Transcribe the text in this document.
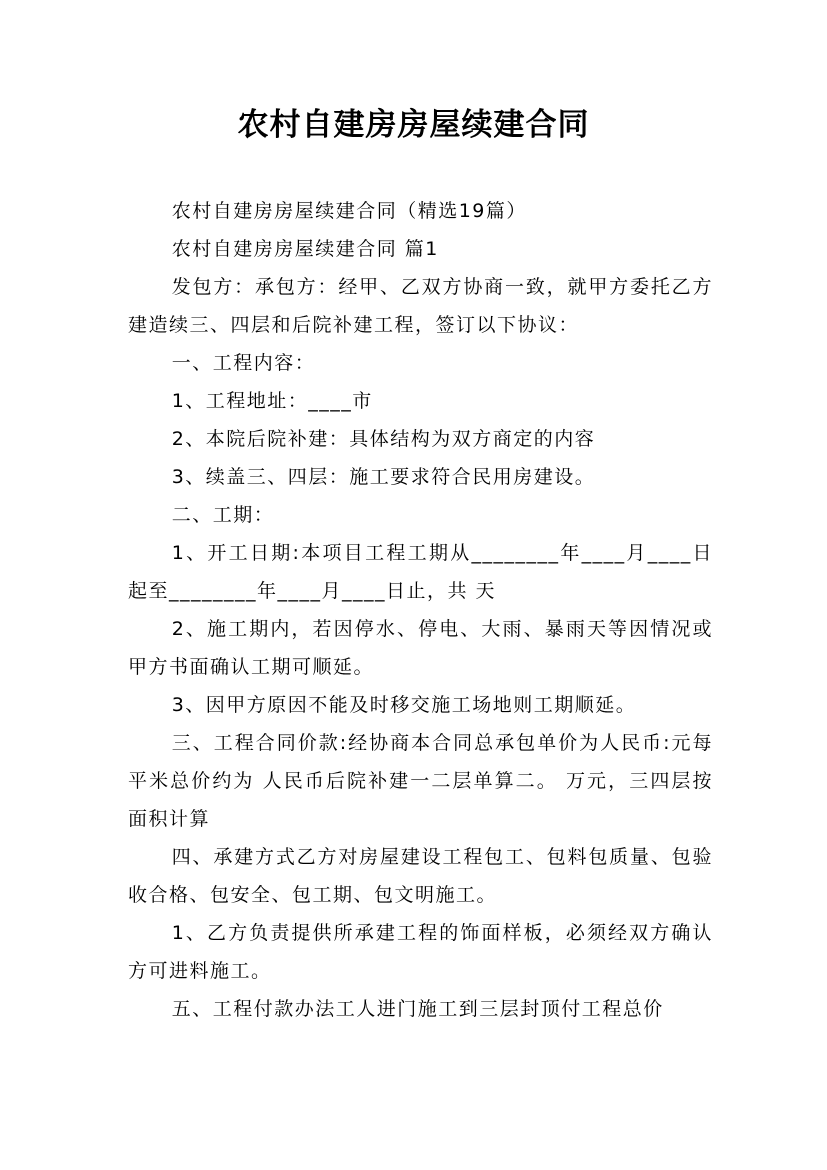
农村自建房房屋续建合同

农村自建房房屋续建合同（精选19篇）

农村自建房房屋续建合同 篇1

发包方：承包方：经甲、乙双方协商一致，就甲方委托乙方建造续三、四层和后院补建工程，签订以下协议：

一、工程内容：

1、工程地址：____市

2、本院后院补建：具体结构为双方商定的内容

3、续盖三、四层：施工要求符合民用房建设。

二、工期：

1、开工日期:本项目工程工期从________年____月____日起至________年____月____日止，共 天

2、施工期内，若因停水、停电、大雨、暴雨天等因情况或甲方书面确认工期可顺延。

3、因甲方原因不能及时移交施工场地则工期顺延。

三、工程合同价款:经协商本合同总承包单价为人民币:元每平米总价约为 人民币后院补建一二层单算二。 万元，三四层按面积计算

四、承建方式乙方对房屋建设工程包工、包料包质量、包验收合格、包安全、包工期、包文明施工。

1、乙方负责提供所承建工程的饰面样板，必须经双方确认方可进料施工。

五、工程付款办法工人进门施工到三层封顶付工程总价
